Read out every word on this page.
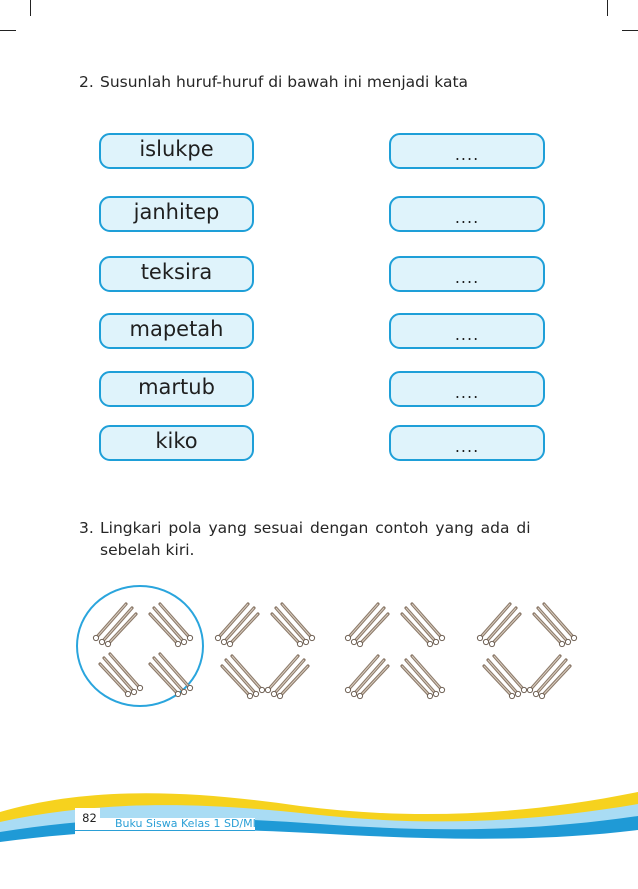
2. Susunlah huruf-huruf di bawah ini menjadi kata
islukpe
janhitep
teksira
mapetah
martub
kiko
....
....
....
....
....
....
3. Lingkari pola yang sesuai dengan contoh yang ada di
sebelah kiri.
82 Buku Siswa Kelas 1 SD/MI
